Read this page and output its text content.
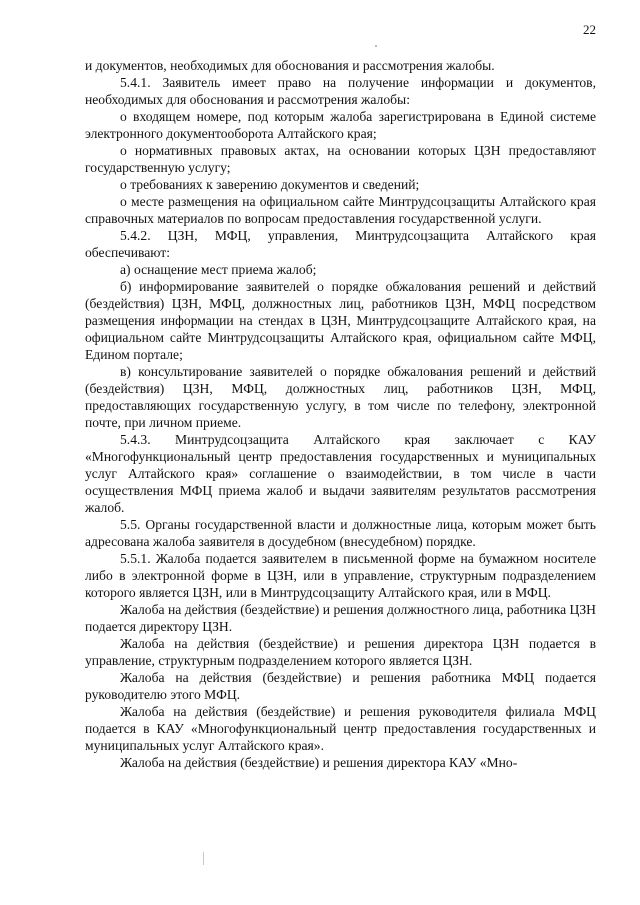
22

и документов, необходимых для обоснования и рассмотрения жалобы.

5.4.1. Заявитель имеет право на получение информации и документов, необходимых для обоснования и рассмотрения жалобы:

о входящем номере, под которым жалоба зарегистрирована в Единой системе электронного документооборота Алтайского края;

о нормативных правовых актах, на основании которых ЦЗН предоставляют государственную услугу;

о требованиях к заверению документов и сведений;

о месте размещения на официальном сайте Минтрудсоцзащиты Алтайского края справочных материалов по вопросам предоставления государственной услуги.

5.4.2. ЦЗН, МФЦ, управления, Минтрудсоцзащита Алтайского края обеспечивают:

а) оснащение мест приема жалоб;

б) информирование заявителей о порядке обжалования решений и действий (бездействия) ЦЗН, МФЦ, должностных лиц, работников ЦЗН, МФЦ посредством размещения информации на стендах в ЦЗН, Минтрудсоцзащите Алтайского края, на официальном сайте Минтрудсоцзащиты Алтайского края, официальном сайте МФЦ, Едином портале;

в) консультирование заявителей о порядке обжалования решений и действий (бездействия) ЦЗН, МФЦ, должностных лиц, работников ЦЗН, МФЦ, предоставляющих государственную услугу, в том числе по телефону, электронной почте, при личном приеме.

5.4.3. Минтрудсоцзащита Алтайского края заключает с КАУ «Многофункциональный центр предоставления государственных и муниципальных услуг Алтайского края» соглашение о взаимодействии, в том числе в части осуществления МФЦ приема жалоб и выдачи заявителям результатов рассмотрения жалоб.

5.5. Органы государственной власти и должностные лица, которым может быть адресована жалоба заявителя в досудебном (внесудебном) порядке.

5.5.1. Жалоба подается заявителем в письменной форме на бумажном носителе либо в электронной форме в ЦЗН, или в управление, структурным подразделением которого является ЦЗН, или в Минтрудсоцзащиту Алтайского края, или в МФЦ.

Жалоба на действия (бездействие) и решения должностного лица, работника ЦЗН подается директору ЦЗН.

Жалоба на действия (бездействие) и решения директора ЦЗН подается в управление, структурным подразделением которого является ЦЗН.

Жалоба на действия (бездействие) и решения работника МФЦ подается руководителю этого МФЦ.

Жалоба на действия (бездействие) и решения руководителя филиала МФЦ подается в КАУ «Многофункциональный центр предоставления государственных и муниципальных услуг Алтайского края».

Жалоба на действия (бездействие) и решения директора КАУ «Мно-
